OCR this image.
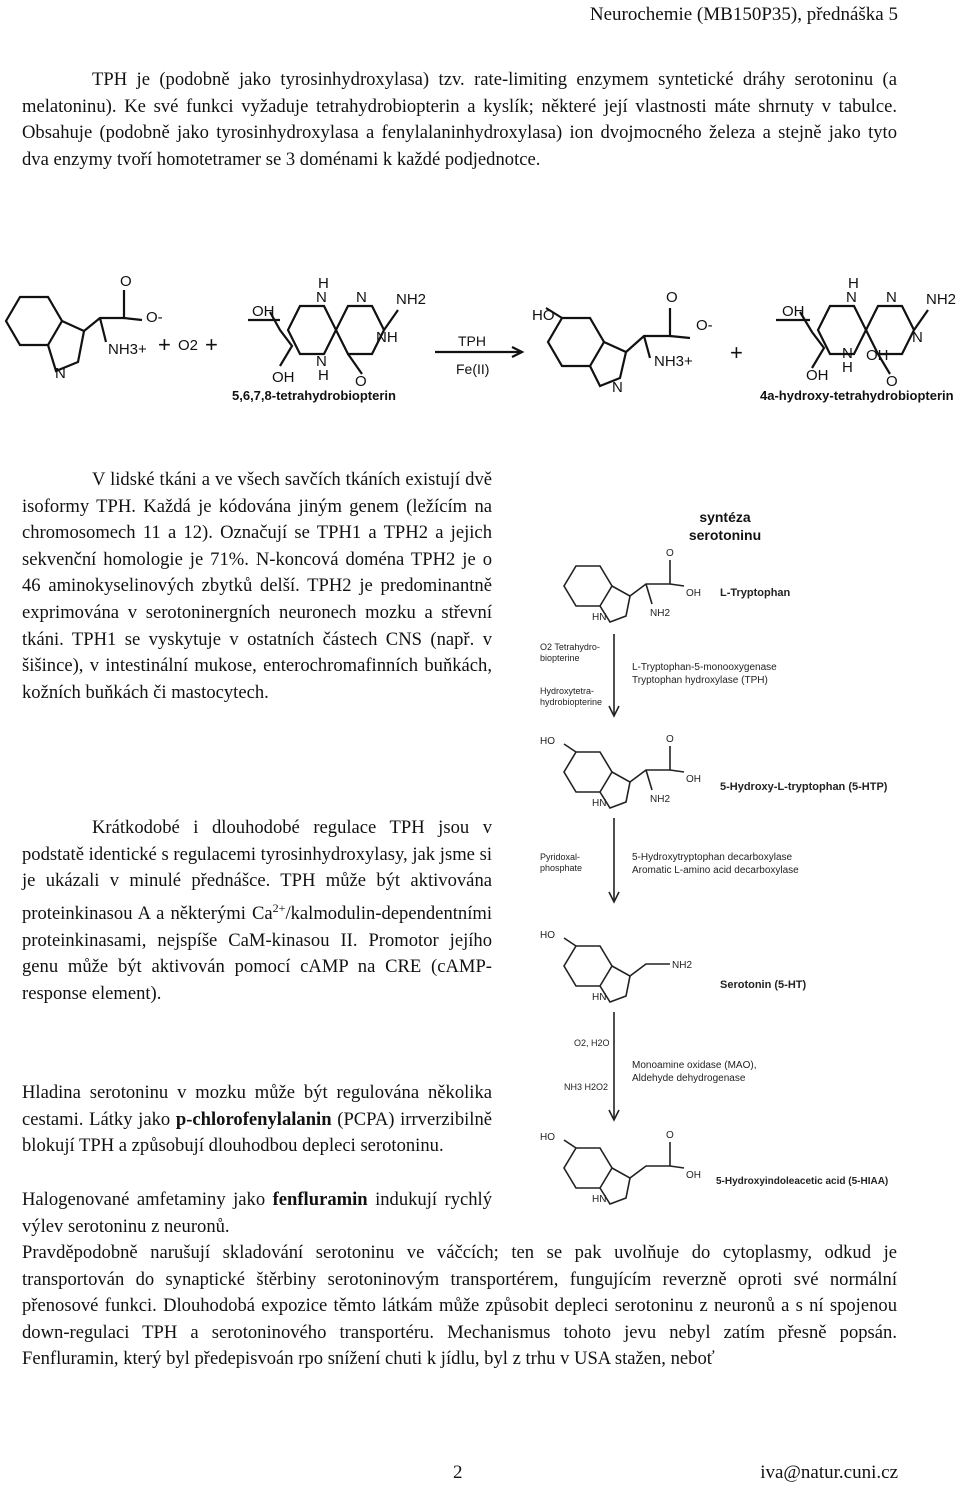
Neurochemie (MB150P35), přednáška 5

TPH je (podobně jako tyrosinhydroxylasa) tzv. rate-limiting enzymem syntetické dráhy serotoninu (a melatoninu). Ke své funkci vyžaduje tetrahydrobiopterin a kyslík; některé její vlastnosti máte shrnuty v tabulce. Obsahuje (podobně jako tyrosinhydroxylasa a fenylalaninhydroxylasa) ion dvojmocného železa a stejně jako tyto dva enzymy tvoří homotetramer se 3 doménami k každé podjednotce.

O
O-
NH3+
N
+ O2 +
OH
OH
H
N N NH2
NH
N
H O
5,6,7,8-tetrahydrobiopterin
TPH
Fe(II)
HO
O
O-
NH3+
N
+
OH
OH
H
N N NH2
N
N
H
OH
O
4a-hydroxy-tetrahydrobiopterin

V lidské tkáni a ve všech savčích tkáních existují dvě isoformy TPH. Každá je kódována jiným genem (ležícím na chromosomech 11 a 12). Označují se TPH1 a TPH2 a jejich sekvenční homologie je 71%. N-koncová doména TPH2 je o 46 aminokyselinových zbytků delší. TPH2 je predominantně exprimována v serotoninergních neuronech mozku a střevní tkáni. TPH1 se vyskytuje v ostatních částech CNS (např. v šišince), v intestinální mukose, enterochromafinních buňkách, kožních buňkách či mastocytech.

Krátkodobé i dlouhodobé regulace TPH jsou v podstatě identické s regulacemi tyrosinhydroxylasy, jak jsme si je ukázali v minulé přednášce. TPH může být aktivována proteinkinasou A a některými $Ca^{2+}/kalmodulin$-dependentními proteinkinasami, nejspíše CaM-kinasou II. Promotor jejího genu může být aktivován pomocí cAMP na CRE (cAMP-response element).

Hladina serotoninu v mozku může být regulována několika cestami. Látky jako p-chlorofenylalanin (PCPA) irrverzibilně blokují TPH a způsobují dlouhodbou depleci serotoninu.

Halogenované amfetaminy jako fenfluramin indukují rychlý výlev serotoninu z neuronů.

Pravděpodobně narušují skladování serotoninu ve váčcích; ten se pak uvolňuje do cytoplasmy, odkud je transportován do synaptické štěrbiny serotoninovým transportérem, fungujícím reverzně oproti své normální přenosové funkci. Dlouhodobá expozice těmto látkám může způsobit depleci serotoninu z neuronů a s ní spojenou down-regulaci TPH a serotoninového transportéru. Mechanismus tohoto jevu nebyl zatím přesně popsán. Fenfluramin, který byl předepisvoán rpo snížení chuti k jídlu, byl z trhu v USA stažen, neboť

syntéza
serotoninu
O
OH
NH2
HN
L-Tryptophan
O2 Tetrahydro-
biopterine
Hydroxytetra-
hydrobiopterine
L-Tryptophan-5-monooxygenase
Tryptophan hydroxylase (TPH)
HO	O
OH
NH2
HN
5-Hydroxy-L-tryptophan (5-HTP)
Pyridoxal-
phosphate
5-Hydroxytryptophan decarboxylase
Aromatic L-amino acid decarboxylase
HO
NH2
HN
Serotonin (5-HT)
O2, H2O
NH3 H2O2
Monoamine oxidase (MAO),
Aldehyde dehydrogenase
HO	O
OH
HN
5-Hydroxyindoleacetic acid (5-HIAA)
2	iva@natur.cuni.cz
